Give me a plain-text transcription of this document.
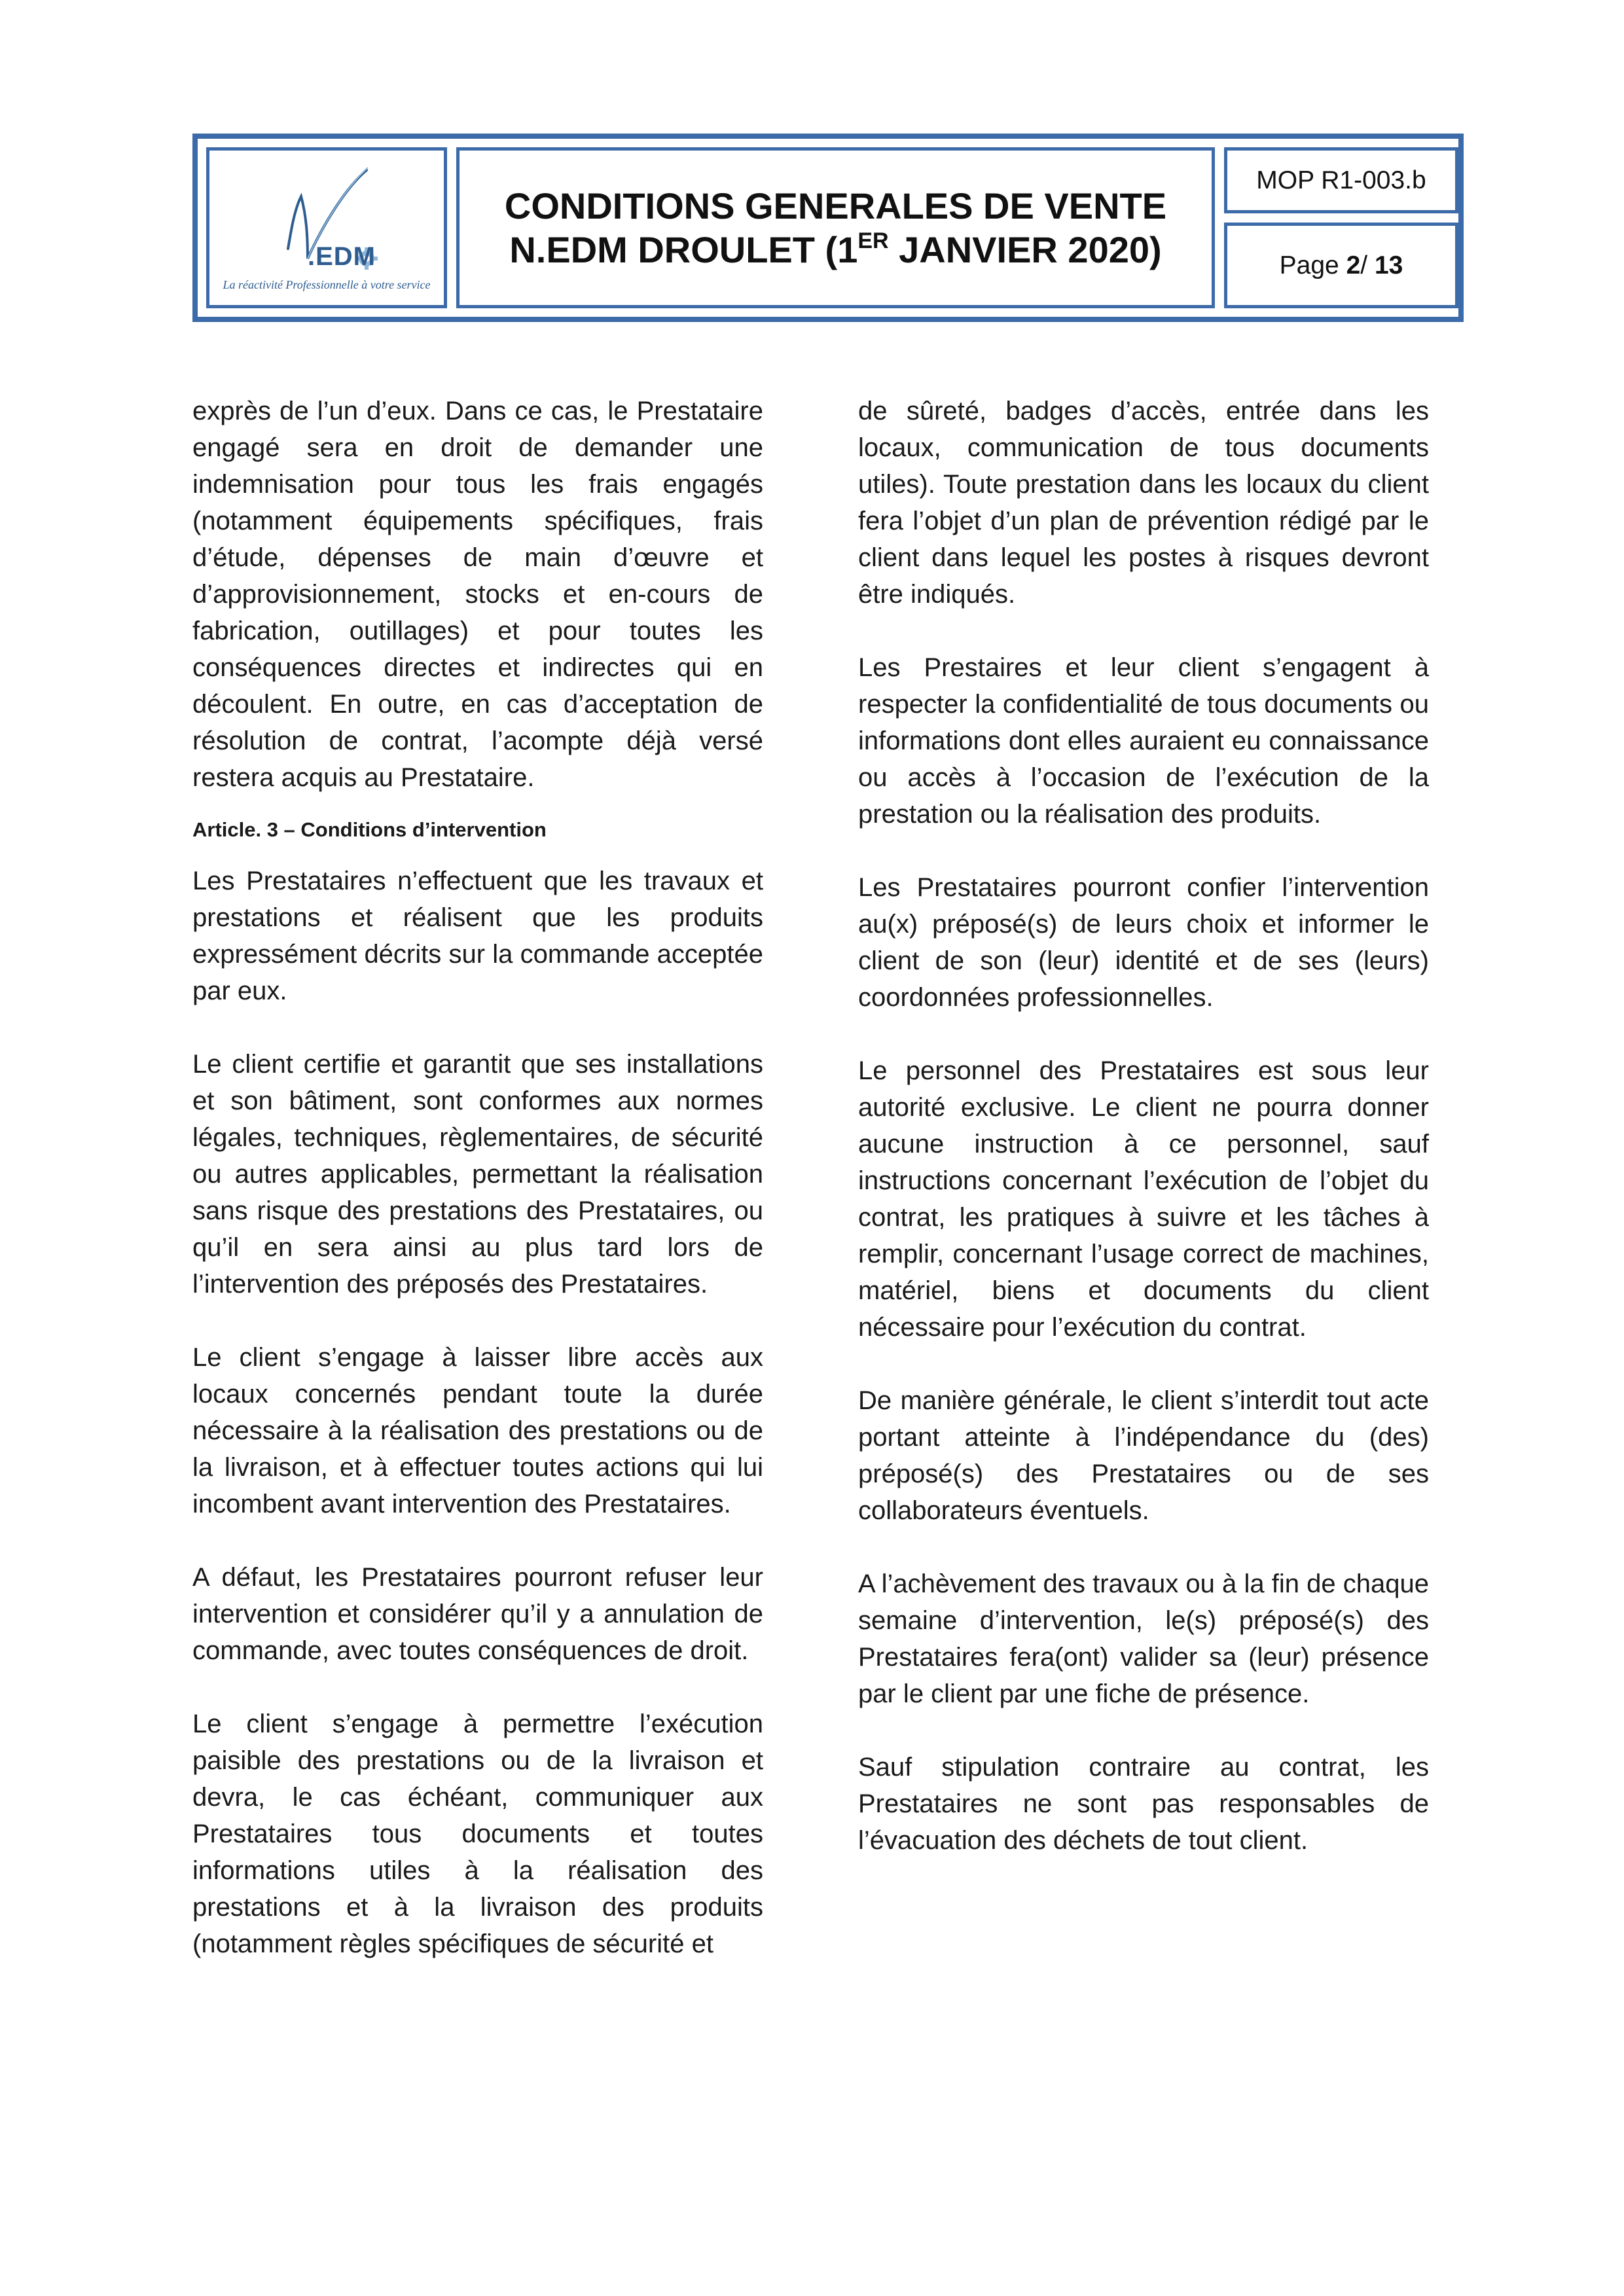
.EDM
La réactivité Professionnelle à votre service
CONDITIONS GENERALES DE VENTE
N.EDM DROULET (1ER JANVIER 2020)
MOP R1-003.b
Page 2/ 13

exprès de l’un d’eux. Dans ce cas, le Prestataire engagé sera en droit de demander une indemnisation pour tous les frais engagés (notamment équipements spécifiques, frais d’étude, dépenses de main d’œuvre et d’approvisionnement, stocks et en-cours de fabrication, outillages) et pour toutes les conséquences directes et indirectes qui en découlent. En outre, en cas d’acceptation de résolution de contrat, l’acompte déjà versé restera acquis au Prestataire.

Article. 3 – Conditions d’intervention

Les Prestataires n’effectuent que les travaux et prestations et réalisent que les produits expressément décrits sur la commande acceptée par eux.

Le client certifie et garantit que ses installations et son bâtiment, sont conformes aux normes légales, techniques, règlementaires, de sécurité ou autres applicables, permettant la réalisation sans risque des prestations des Prestataires, ou qu’il en sera ainsi au plus tard lors de l’intervention des préposés des Prestataires.

Le client s’engage à laisser libre accès aux locaux concernés pendant toute la durée nécessaire à la réalisation des prestations ou de la livraison, et à effectuer toutes actions qui lui incombent avant intervention des Prestataires.

A défaut, les Prestataires pourront refuser leur intervention et considérer qu’il y a annulation de commande, avec toutes conséquences de droit.

Le client s’engage à permettre l’exécution paisible des prestations ou de la livraison et devra, le cas échéant, communiquer aux Prestataires tous documents et toutes informations utiles à la réalisation des prestations et à la livraison des produits (notamment règles spécifiques de sécurité et

de sûreté, badges d’accès, entrée dans les locaux, communication de tous documents utiles). Toute prestation dans les locaux du client fera l’objet d’un plan de prévention rédigé par le client dans lequel les postes à risques devront être indiqués.

Les Prestaires et leur client s’engagent à respecter la confidentialité de tous documents ou informations dont elles auraient eu connaissance ou accès à l’occasion de l’exécution de la prestation ou la réalisation des produits.

Les Prestataires pourront confier l’intervention au(x) préposé(s) de leurs choix et informer le client de son (leur) identité et de ses (leurs) coordonnées professionnelles.

Le personnel des Prestataires est sous leur autorité exclusive. Le client ne pourra donner aucune instruction à ce personnel, sauf instructions concernant l’exécution de l’objet du contrat, les pratiques à suivre et les tâches à remplir, concernant l’usage correct de machines, matériel, biens et documents du client nécessaire pour l’exécution du contrat.

De manière générale, le client s’interdit tout acte portant atteinte à l’indépendance du (des) préposé(s) des Prestataires ou de ses collaborateurs éventuels.

A l’achèvement des travaux ou à la fin de chaque semaine d’intervention, le(s) préposé(s) des Prestataires fera(ont) valider sa (leur) présence par le client par une fiche de présence.

Sauf stipulation contraire au contrat, les Prestataires ne sont pas responsables de l’évacuation des déchets de tout client.
